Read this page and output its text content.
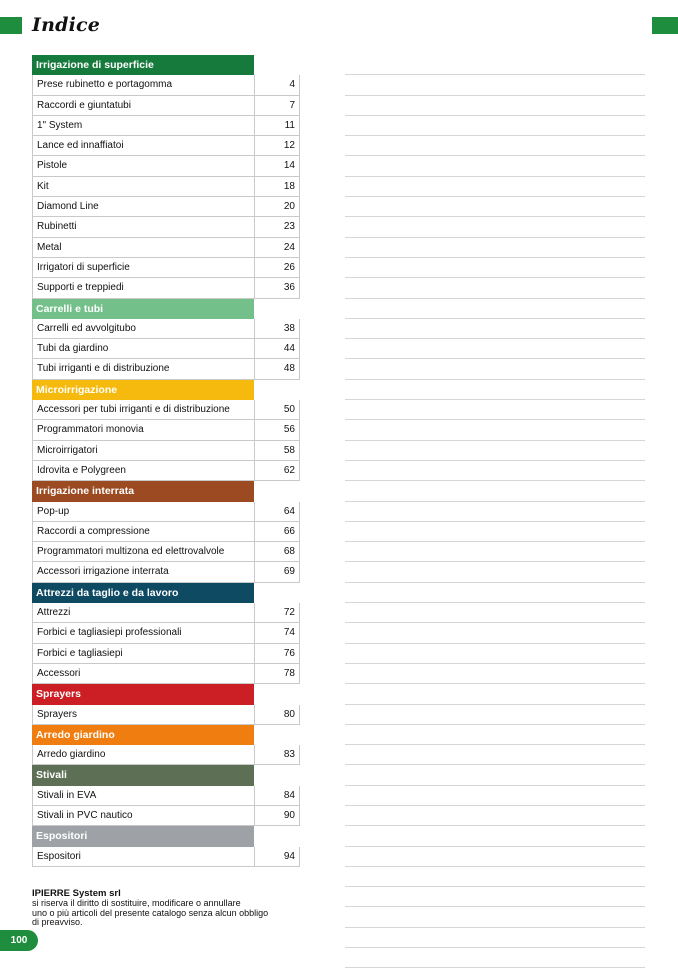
Indice
Irrigazione di superficie
Prese rubinetto e portagomma	4
Raccordi e giuntatubi	7
1" System	11
Lance ed innaffiatoi	12
Pistole	14
Kit	18
Diamond Line	20
Rubinetti	23
Metal	24
Irrigatori di superficie	26
Supporti e treppiedi	36
Carrelli e tubi
Carrelli ed avvolgitubo	38
Tubi da giardino	44
Tubi irriganti e di distribuzione	48
Microirrigazione
Accessori per tubi irriganti e di distribuzione	50
Programmatori monovia	56
Microirrigatori	58
Idrovita e Polygreen	62
Irrigazione interrata
Pop-up	64
Raccordi a compressione	66
Programmatori multizona ed elettrovalvole	68
Accessori irrigazione interrata	69
Attrezzi da taglio e da lavoro
Attrezzi	72
Forbici e tagliasiepi professionali	74
Forbici e tagliasiepi	76
Accessori	78
Sprayers
Sprayers	80
Arredo giardino
Arredo giardino	83
Stivali
Stivali in EVA	84
Stivali in PVC nautico	90
Espositori
Espositori	94
IPIERRE System srl
si riserva il diritto di sostituire, modificare o annullare
uno o più articoli del presente catalogo senza alcun obbligo
di preavviso.
100
